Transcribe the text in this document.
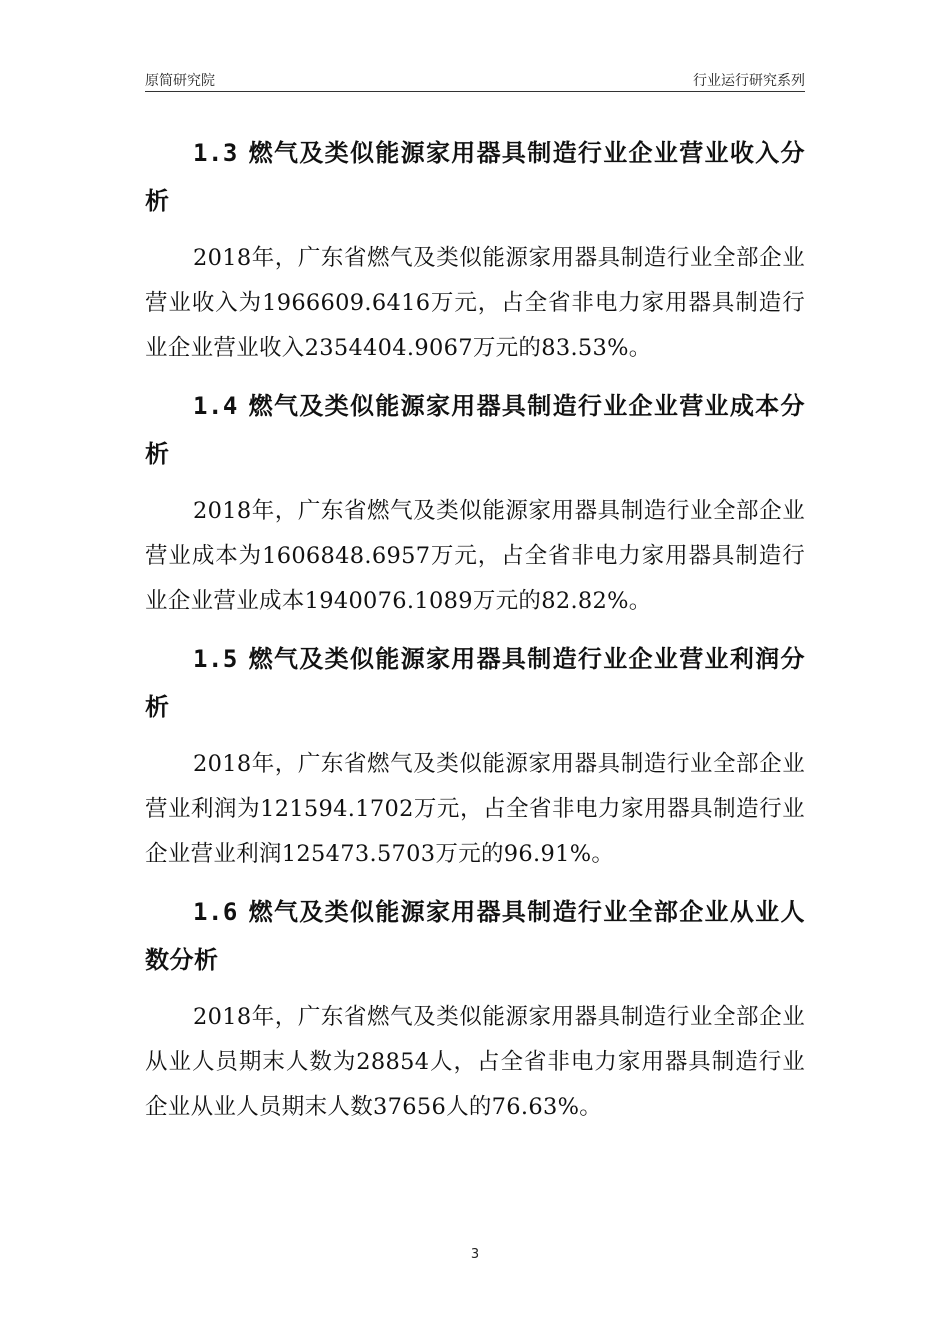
原简研究院	行业运行研究系列
1.3 燃气及类似能源家用器具制造行业企业营业收入分析
2018年，广东省燃气及类似能源家用器具制造行业全部企业营业收入为1966609.6416万元，占全省非电力家用器具制造行业企业营业收入2354404.9067万元的83.53%。
1.4 燃气及类似能源家用器具制造行业企业营业成本分析
2018年，广东省燃气及类似能源家用器具制造行业全部企业营业成本为1606848.6957万元，占全省非电力家用器具制造行业企业营业成本1940076.1089万元的82.82%。
1.5 燃气及类似能源家用器具制造行业企业营业利润分析
2018年，广东省燃气及类似能源家用器具制造行业全部企业营业利润为121594.1702万元，占全省非电力家用器具制造行业企业营业利润125473.5703万元的96.91%。
1.6 燃气及类似能源家用器具制造行业全部企业从业人数分析
2018年，广东省燃气及类似能源家用器具制造行业全部企业从业人员期末人数为28854人，占全省非电力家用器具制造行业企业从业人员期末人数37656人的76.63%。
3
